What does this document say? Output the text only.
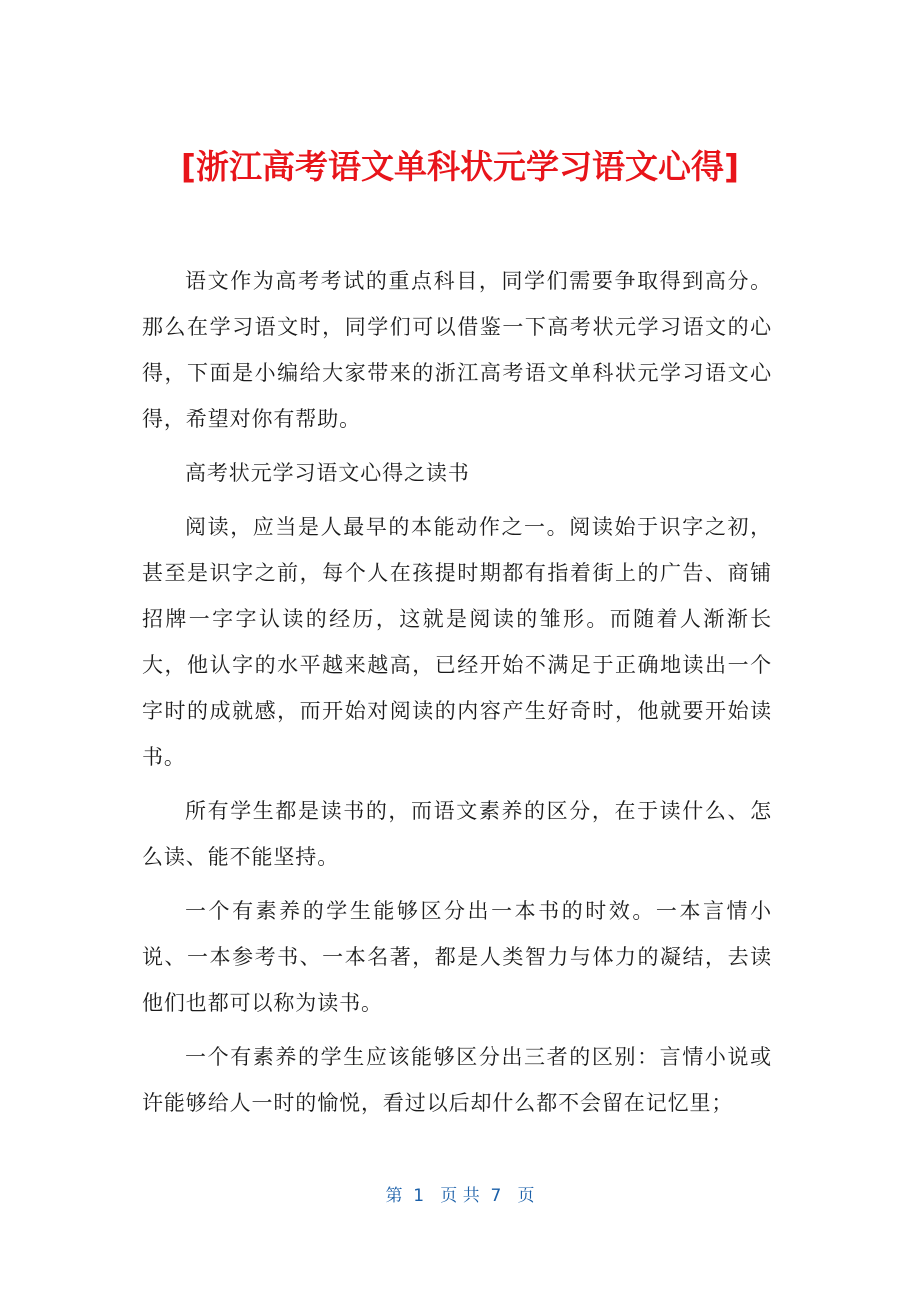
[浙江高考语文单科状元学习语文心得]

语文作为高考考试的重点科目，同学们需要争取得到高分。那么在学习语文时，同学们可以借鉴一下高考状元学习语文的心得，下面是小编给大家带来的浙江高考语文单科状元学习语文心得，希望对你有帮助。

高考状元学习语文心得之读书

阅读，应当是人最早的本能动作之一。阅读始于识字之初，甚至是识字之前，每个人在孩提时期都有指着街上的广告、商铺招牌一字字认读的经历，这就是阅读的雏形。而随着人渐渐长大，他认字的水平越来越高，已经开始不满足于正确地读出一个字时的成就感，而开始对阅读的内容产生好奇时，他就要开始读书。

所有学生都是读书的，而语文素养的区分，在于读什么、怎么读、能不能坚持。

一个有素养的学生能够区分出一本书的时效。一本言情小说、一本参考书、一本名著，都是人类智力与体力的凝结，去读他们也都可以称为读书。

一个有素养的学生应该能够区分出三者的区别：言情小说或许能够给人一时的愉悦，看过以后却什么都不会留在记忆里；

第  1   页 共  7   页
